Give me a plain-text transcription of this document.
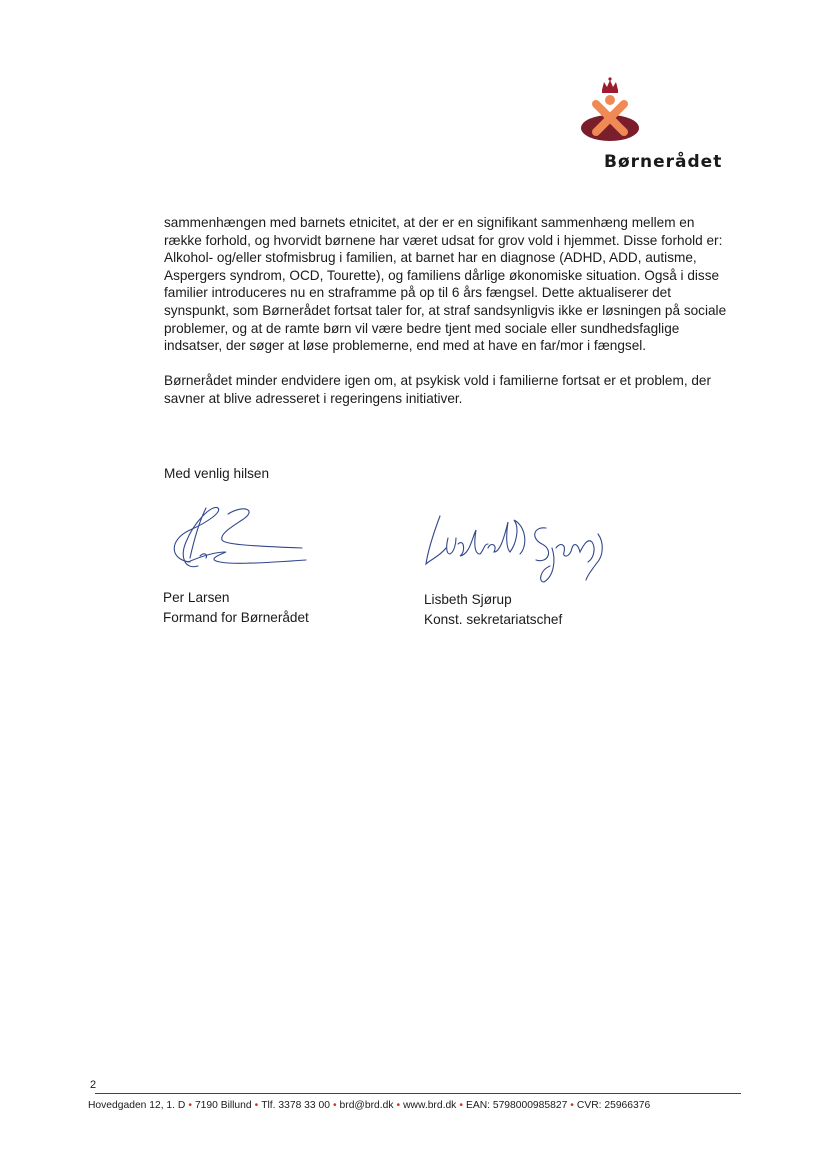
Børnerådet

sammenhængen med barnets etnicitet, at der er en signifikant sammenhæng mellem en

række forhold, og hvorvidt børnene har været udsat for grov vold i hjemmet. Disse forhold er:

Alkohol- og/eller stofmisbrug i familien, at barnet har en diagnose (ADHD, ADD, autisme,

Aspergers syndrom, OCD, Tourette), og familiens dårlige økonomiske situation. Også i disse

familier introduceres nu en straframme på op til 6 års fængsel. Dette aktualiserer det

synspunkt, som Børnerådet fortsat taler for, at straf sandsynligvis ikke er løsningen på sociale

problemer, og at de ramte børn vil være bedre tjent med sociale eller sundhedsfaglige

indsatser, der søger at løse problemerne, end med at have en far/mor i fængsel.

Børnerådet minder endvidere igen om, at psykisk vold i familierne fortsat er et problem, der

savner at blive adresseret i regeringens initiativer.

Med venlig hilsen
Per Larsen
Formand for Børnerådet
Lisbeth Sjørup
Konst. sekretariatschef
2
Hovedgaden 12, 1. D • 7190 Billund • Tlf. 3378 33 00 • brd@brd.dk • www.brd.dk • EAN: 5798000985827 • CVR: 25966376
